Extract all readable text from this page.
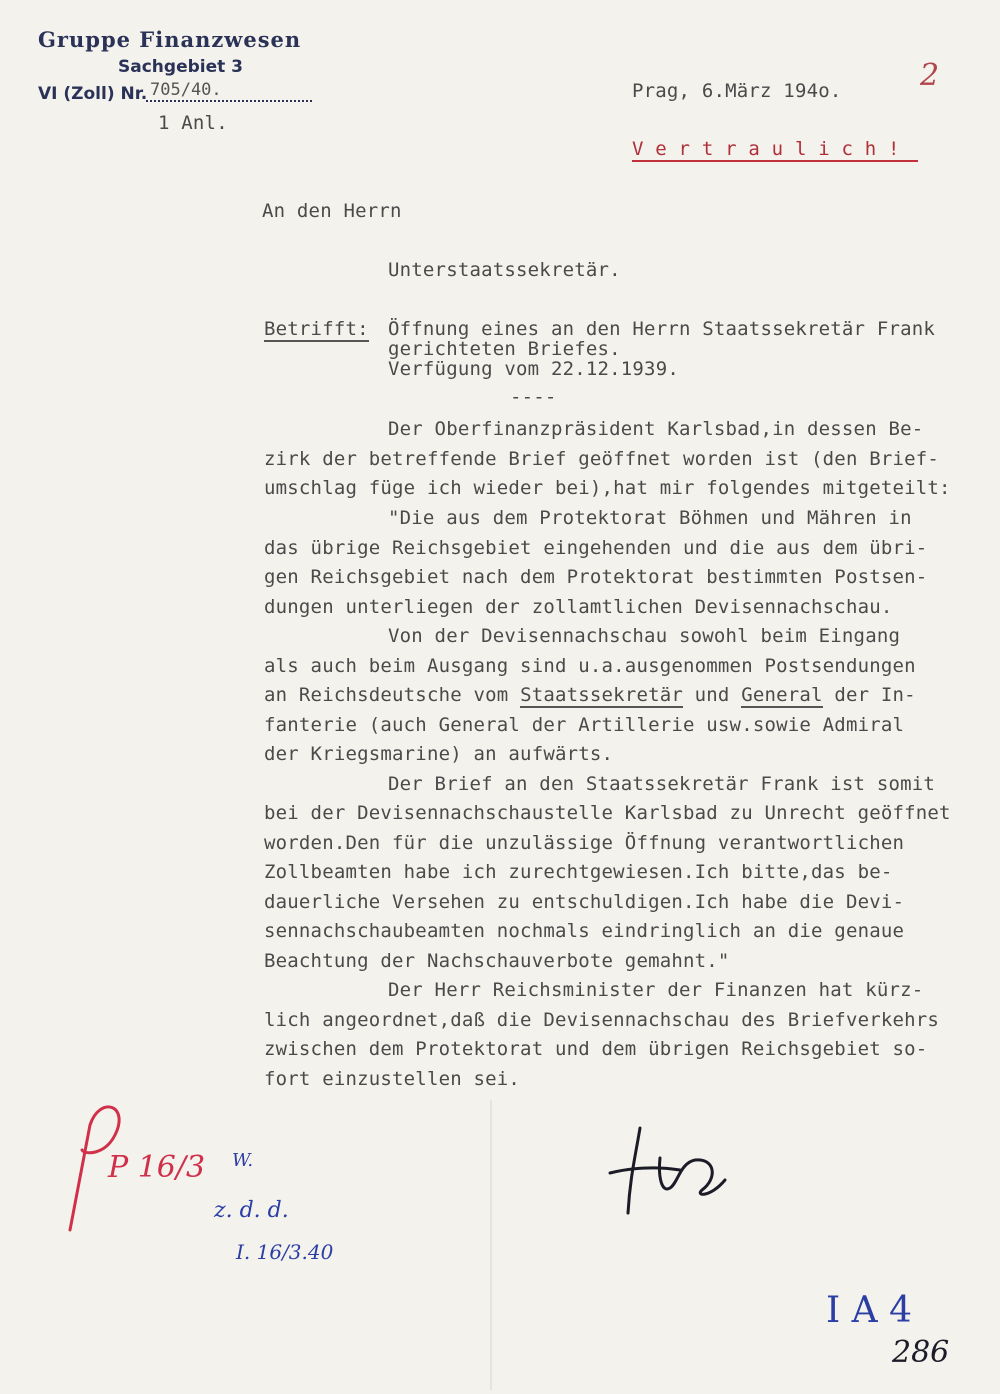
Gruppe Finanzwesen
Sachgebiet 3
VI (Zoll) Nr. 705/40.
1 Anl.
2
Prag, 6.März 194o.
V e r t r a u l i c h !
An den Herrn
Unterstaatssekretär.
Betrifft: Öffnung eines an den Herrn Staatssekretär Frank
gerichteten Briefes.
Verfügung vom 22.12.1939.
----
Der Oberfinanzpräsident Karlsbad,in dessen Be-
zirk der betreffende Brief geöffnet worden ist (den Brief-
umschlag füge ich wieder bei),hat mir folgendes mitgeteilt:
"Die aus dem Protektorat Böhmen und Mähren in
das übrige Reichsgebiet eingehenden und die aus dem übri-
gen Reichsgebiet nach dem Protektorat bestimmten Postsen-
dungen unterliegen der zollamtlichen Devisennachschau.
Von der Devisennachschau sowohl beim Eingang
als auch beim Ausgang sind u.a.ausgenommen Postsendungen
an Reichsdeutsche vom Staatssekretär und General der In-
fanterie (auch General der Artillerie usw.sowie Admiral
der Kriegsmarine) an aufwärts.
Der Brief an den Staatssekretär Frank ist somit
bei der Devisennachschaustelle Karlsbad zu Unrecht geöffnet
worden.Den für die unzulässige Öffnung verantwortlichen
Zollbeamten habe ich zurechtgewiesen.Ich bitte,das be-
dauerliche Versehen zu entschuldigen.Ich habe die Devi-
sennachschaubeamten nochmals eindringlich an die genaue
Beachtung der Nachschauverbote gemahnt."
Der Herr Reichsminister der Finanzen hat kürz-
lich angeordnet,daß die Devisennachschau des Briefverkehrs
zwischen dem Protektorat und dem übrigen Reichsgebiet so-
fort einzustellen sei.
P 16/3 W.
z. d. d.
I. 16/3.40
I A 4
286
